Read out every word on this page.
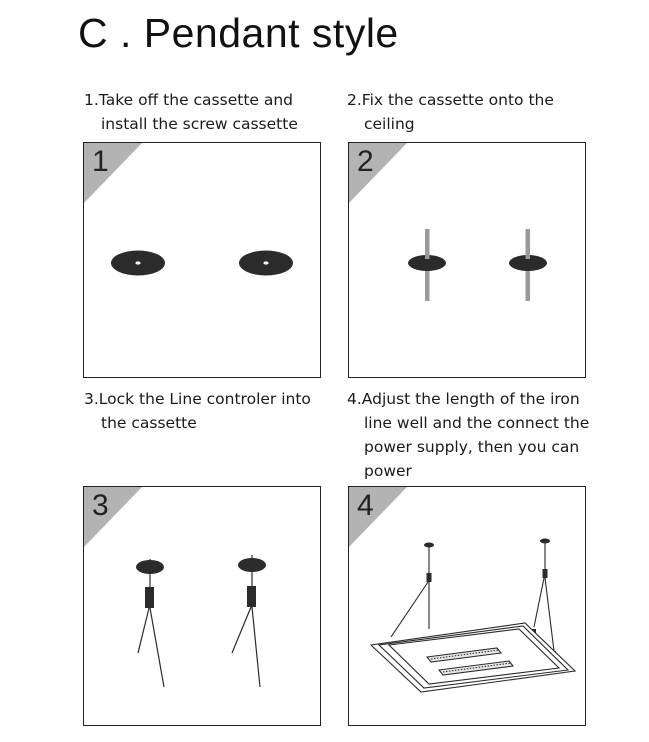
C . Pendant style
1.Take off the cassette and
install the screw cassette
2.Fix the cassette onto the
ceiling
3.Lock the Line controler into
the cassette
4.Adjust the length of the iron
line well and the connect the
power supply, then you can
power
1	2
3	4
